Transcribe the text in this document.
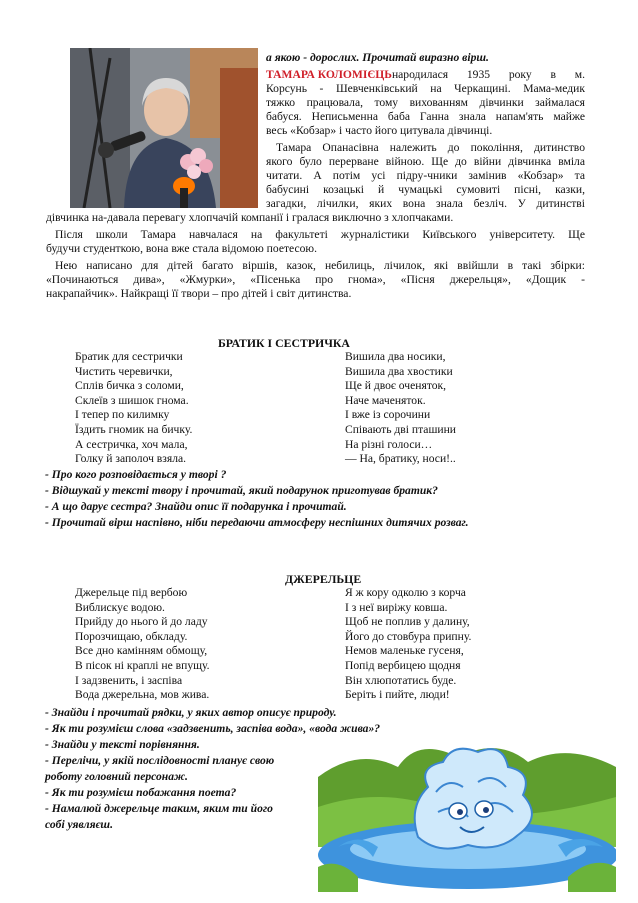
а якою - дорослих. Прочитай виразно вірш.
ТАМАРА КОЛОМІЄЦЬ народилася 1935 року в м.
Корсунь - Шевченківський на Черкащині. Мама-медик
тяжко працювала, тому вихованням дівчинки займалася
бабуся. Неписьменна баба Ганна знала напам'ять майже
весь «Кобзар» і часто його цитувала дівчинці.
Тамара Опанасівна належить до покоління, дитинство
якого було перерване війною. Ще до війни дівчинка вміла
читати. А потім усі підру-чники замінив «Кобзар» та
бабусині козацькі й чумацькі сумовиті пісні, казки,
загадки, лічилки, яких вона знала безліч. У дитинстві
дівчинка на-давала перевагу хлопчачій компанії і гралася виключно з хлопчаками.
Після школи Тамара навчалася на факультеті журналістики Київського університету. Ще
будучи студенткою, вона вже стала відомою поетесою.
Нею написано для дітей багато віршів, казок, небилиць, лічилок, які ввійшли в такі збірки:
«Починаються дива», «Жмурки», «Пісенька про гнома», «Пісня джерельця», «Дощик -
накрапайчик». Найкращі її твори – про дітей і світ дитинства.
БРАТИК І СЕСТРИЧКА
Братик для сестрички
Чистить черевички,
Сплів бичка з соломи,
Склеїв з шишок гнома.
І тепер по килимку
Їздить гномик на бичку.
А сестричка, хоч мала,
Голку й заполоч взяла.
Вишила два носики,
Вишила два хвостики
Ще й двоє оченяток,
Наче маченяток.
І вже із сорочини
Співають дві пташини
На різні голоси…
— На, братику, носи!..
- Про кого розповідається у творі ?
- Відшукай у тексті твору і прочитай, який подарунок приготував братик?
- А що дарує сестра? Знайди опис її подарунка і прочитай.
- Прочитай вірш наспівно, ніби передаючи атмосферу неспішних дитячих розваг.
ДЖЕРЕЛЬЦЕ
Джерельце під вербою
Виблискує водою.
Прийду до нього й до ладу
Порозчищаю, обкладу.
Все дно камінням обмощу,
В пісок ні краплі не впущу.
І задзвенить, і заспіва
Вода джерельна, мов жива.
Я ж кору одколю з корча
І з неї виріжу ковша.
Щоб не поплив у далину,
Його до стовбура припну.
Немов маленьке гусеня,
Попід вербицею щодня
Він хлюпотатись буде.
Беріть і пийте, люди!
- Знайди і прочитай рядки, у яких автор описує природу.
- Як ти розумієш слова «задзвенить, заспіва вода», «вода жива»?
- Знайди у тексті порівняння.
- Перелічи, у якій послідовності планує свою
роботу головний персонаж.
- Як ти розумієш побажання поета?
- Намалюй джерельце таким, яким ти його
собі уявляєш.
